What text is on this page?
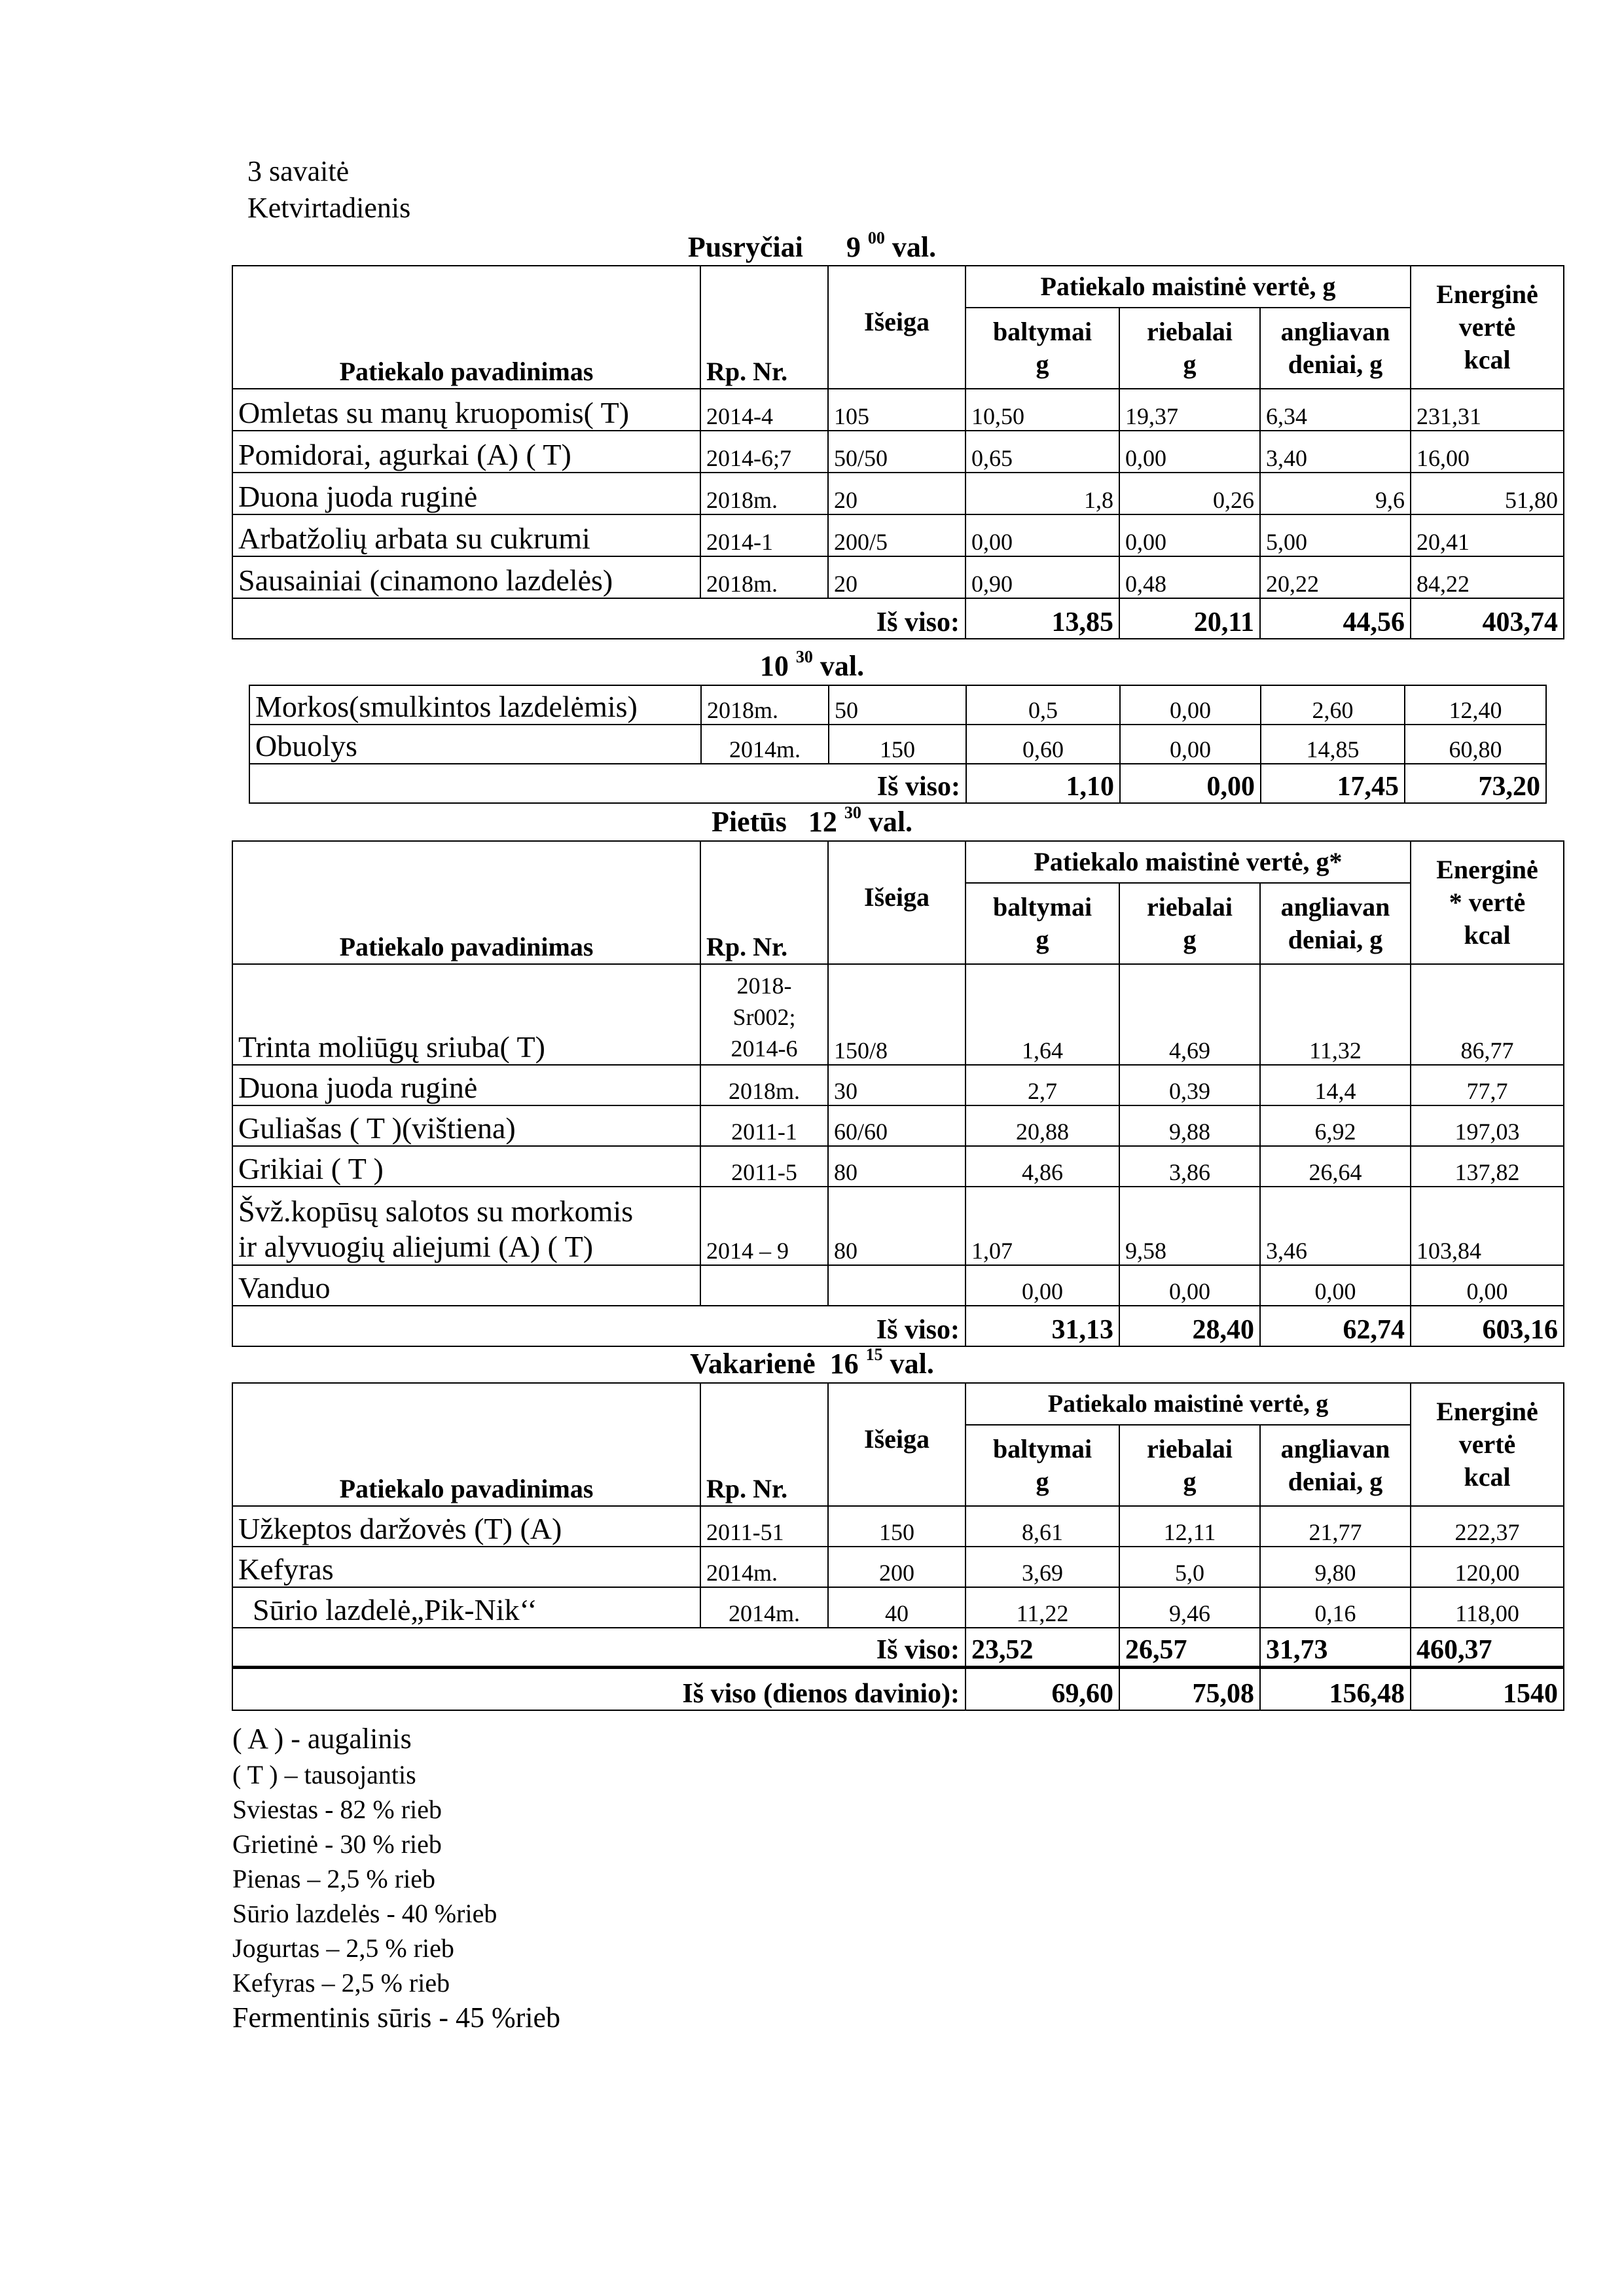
3 savaitė
Ketvirtadienis
Pusryčiai 9 $^{00}$ val.
Patiekalo pavadinimas	Rp. Nr.	Išeiga	Patiekalo maistinė vertė, g			Energinė
vertė
kcal
			baltymai
g	riebalai
g	angliavan
deniai, g	
Omletas su manų kruopomis( T)	2014-4	105	10,50	19,37	6,34	231,31
Pomidorai, agurkai (A) ( T)	2014-6;7	50/50	0,65	0,00	3,40	16,00
Duona juoda ruginė	2018m.	20	1,8	0,26	9,6	51,80
Arbatžolių arbata su cukrumi	2014-1	200/5	0,00	0,00	5,00	20,41
Sausainiai (cinamono lazdelės)	2018m.	20	0,90	0,48	20,22	84,22
Iš viso:			13,85	20,11	44,56	403,74
10 $^{30}$ val.
Morkos(smulkintos lazdelėmis)	2018m.	50	0,5	0,00	2,60	12,40
Obuolys	2014m.	150	0,60	0,00	14,85	60,80
Iš viso:			1,10	0,00	17,45	73,20
Pietūs 12 $^{30}$ val.
Patiekalo pavadinimas	Rp. Nr.	Išeiga	Patiekalo maistinė vertė, g*			Energinė
* vertė
kcal
			baltymai
g	riebalai
g	angliavan
deniai, g	
Trinta moliūgų sriuba( T)	2018-
Sr002;
2014-6	150/8	1,64	4,69	11,32	86,77
Duona juoda ruginė	2018m.	30	2,7	0,39	14,4	77,7
Guliašas ( T )(vištiena)	2011-1	60/60	20,88	9,88	6,92	197,03
Grikiai ( T )	2011-5	80	4,86	3,86	26,64	137,82
Švž.kopūsų salotos su morkomis
ir alyvuogių aliejumi (A) ( T)	2014 – 9	80	1,07	9,58	3,46	103,84
Vanduo			0,00	0,00	0,00	0,00
Iš viso:			31,13	28,40	62,74	603,16
Vakarienė 16 $^{15}$ val.
Patiekalo pavadinimas	Rp. Nr.	Išeiga	Patiekalo maistinė vertė, g			Energinė
vertė
kcal
			baltymai
g	riebalai
g	angliavan
deniai, g	
Užkeptos daržovės (T) (A)	2011-51	150	8,61	12,11	21,77	222,37
Kefyras	2014m.	200	3,69	5,0	9,80	120,00
Sūrio lazdelė„Pik-Nik‘‘	2014m.	40	11,22	9,46	0,16	118,00
Iš viso:			23,52	26,57	31,73	460,37
Iš viso (dienos davinio):			69,60	75,08	156,48	1540
( A ) - augalinis
( T ) – tausojantis
Sviestas - 82 % rieb
Grietinė - 30 % rieb
Pienas – 2,5 % rieb
Sūrio lazdelės - 40 %rieb
Jogurtas – 2,5 % rieb
Kefyras – 2,5 % rieb
Fermentinis sūris - 45 %rieb
